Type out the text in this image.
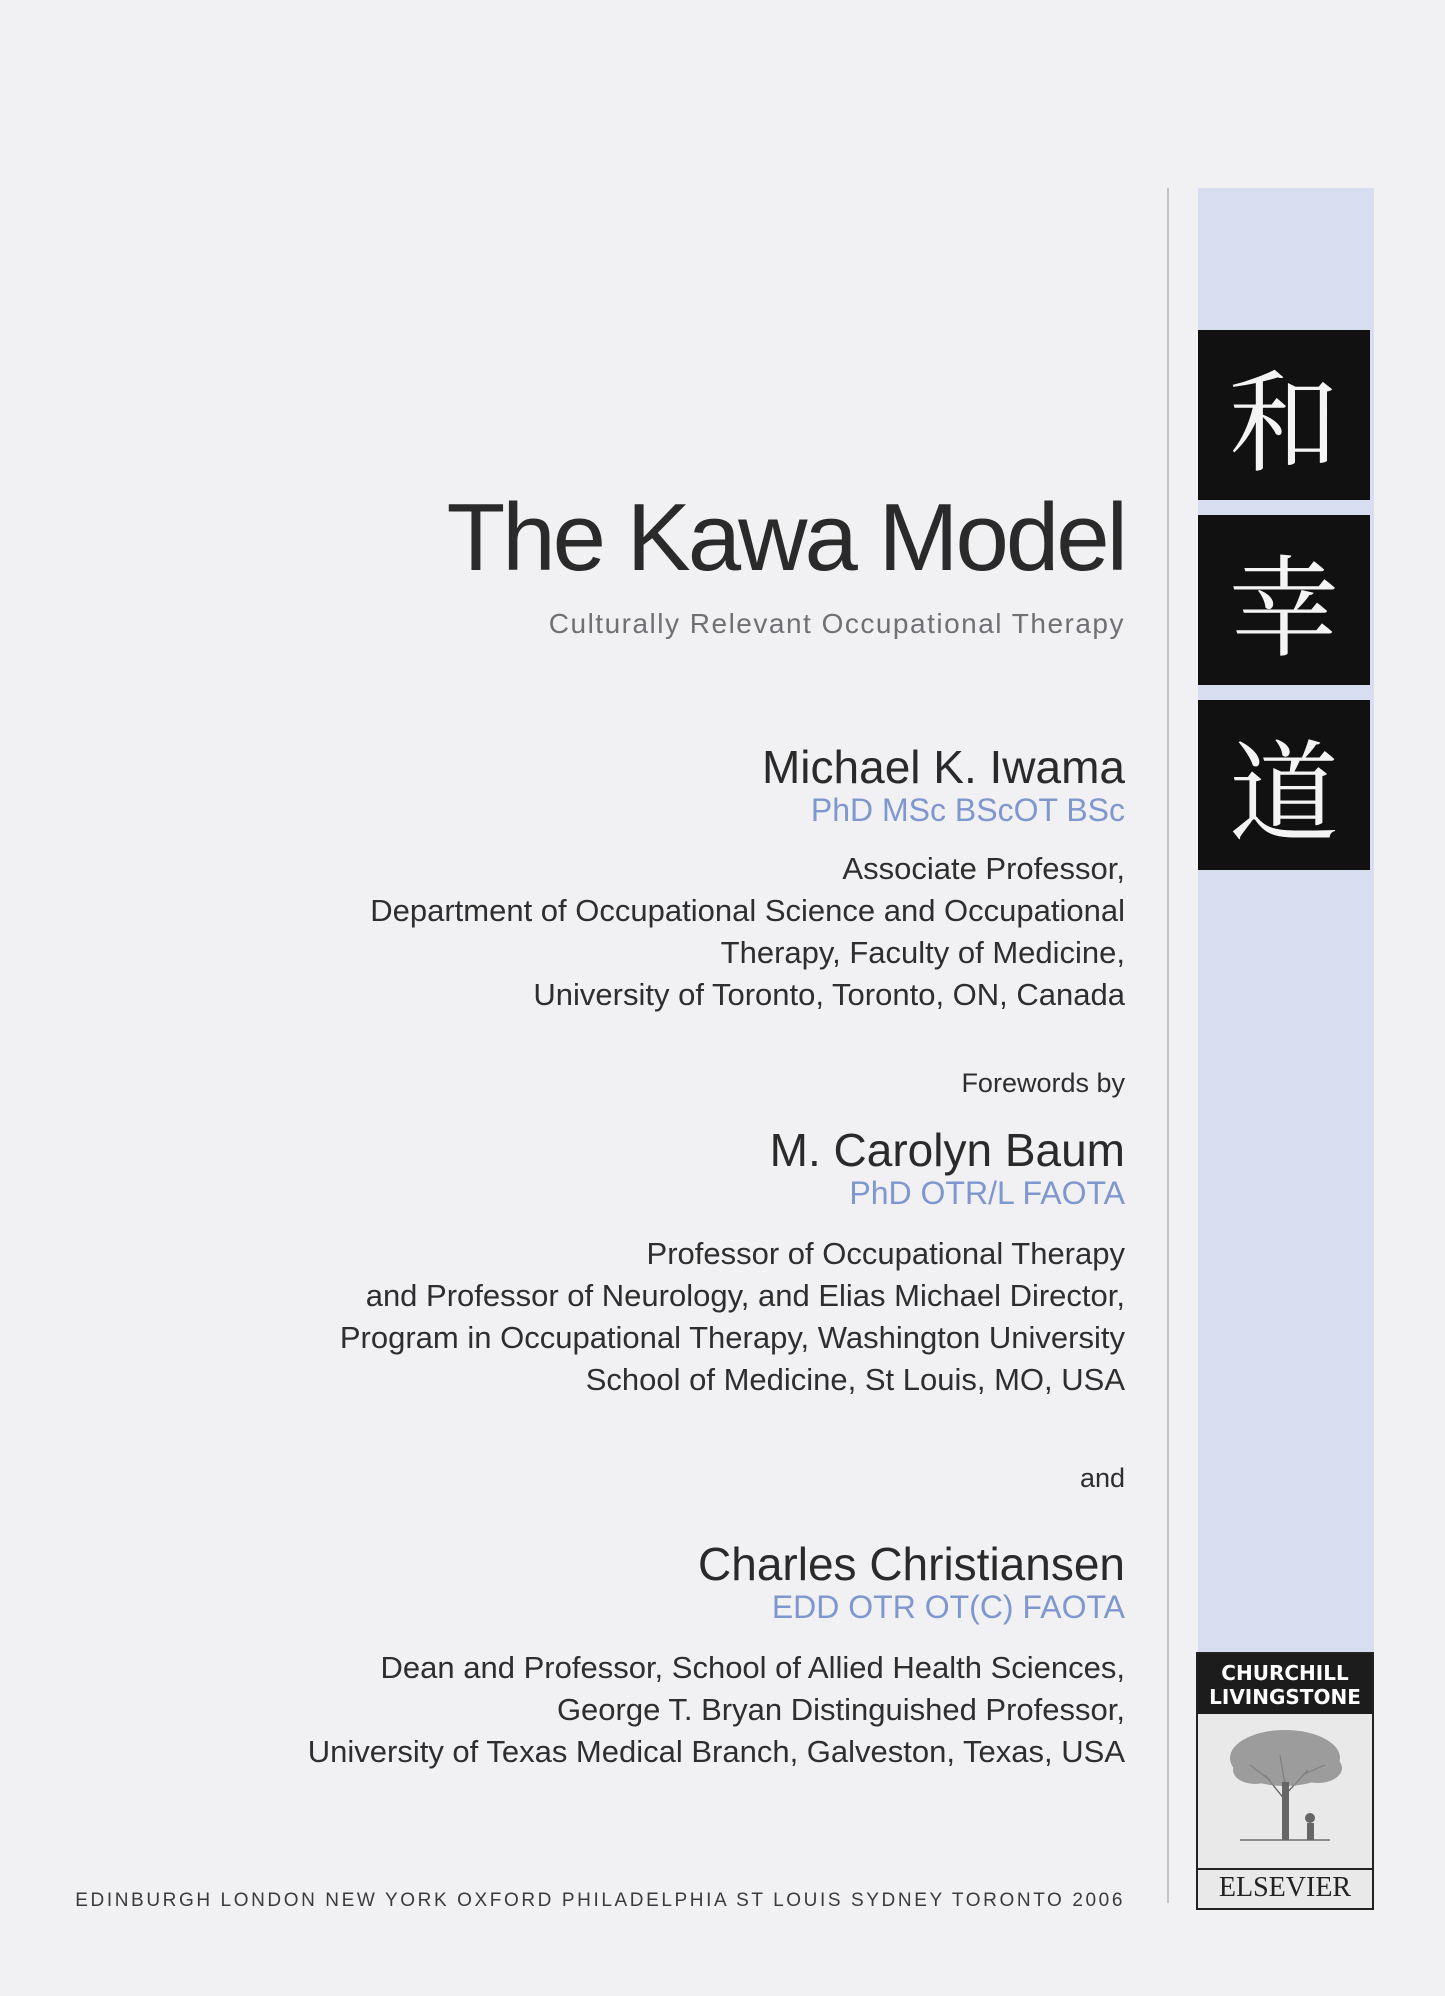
和
幸
道
The Kawa Model
Culturally Relevant Occupational Therapy
Michael K. Iwama
PhD MSc BScOT BSc
Associate Professor,
Department of Occupational Science and Occupational
Therapy, Faculty of Medicine,
University of Toronto, Toronto, ON, Canada
Forewords by
M. Carolyn Baum
PhD OTR/L FAOTA
Professor of Occupational Therapy
and Professor of Neurology, and Elias Michael Director,
Program in Occupational Therapy, Washington University
School of Medicine, St Louis, MO, USA
and
Charles Christiansen
EDD OTR OT(C) FAOTA
Dean and Professor, School of Allied Health Sciences,
George T. Bryan Distinguished Professor,
University of Texas Medical Branch, Galveston, Texas, USA
EDINBURGH LONDON NEW YORK OXFORD PHILADELPHIA ST LOUIS SYDNEY TORONTO 2006
CHURCHILL
LIVINGSTONE
ELSEVIER
